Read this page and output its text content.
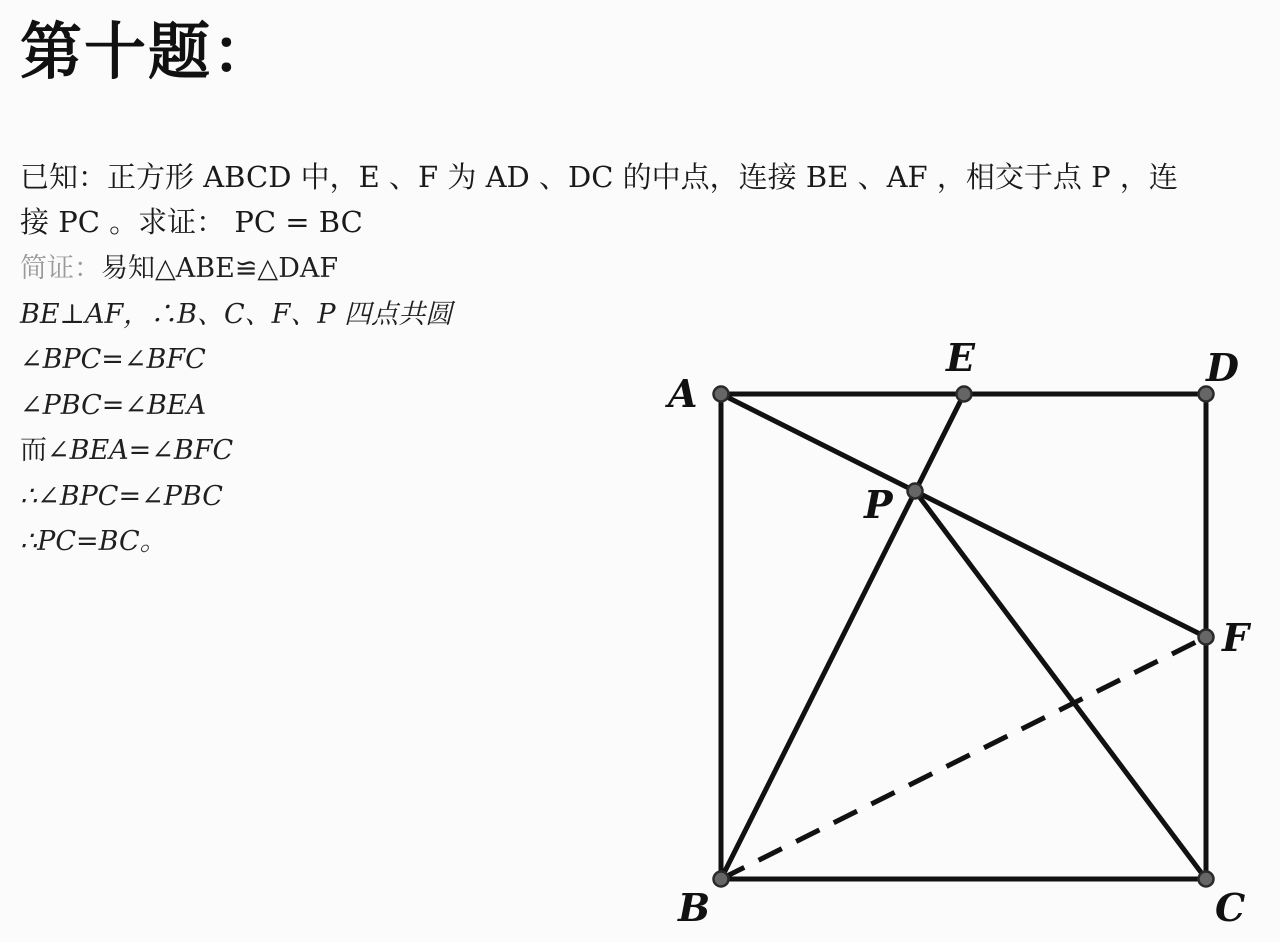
第十题：
已知：正方形 ABCD 中，E 、F 为 AD 、DC 的中点，连接 BE 、AF ，相交于点 P ，连
接 PC 。求证： PC = BC
简证：易知△ABE≌△DAF
BE⊥AF，∴B、C、F、P 四点共圆
∠BPC=∠BFC
∠PBC=∠BEA
而∠BEA=∠BFC
∴∠BPC=∠PBC
∴PC=BC。
A
B	C
D
E
F
P
